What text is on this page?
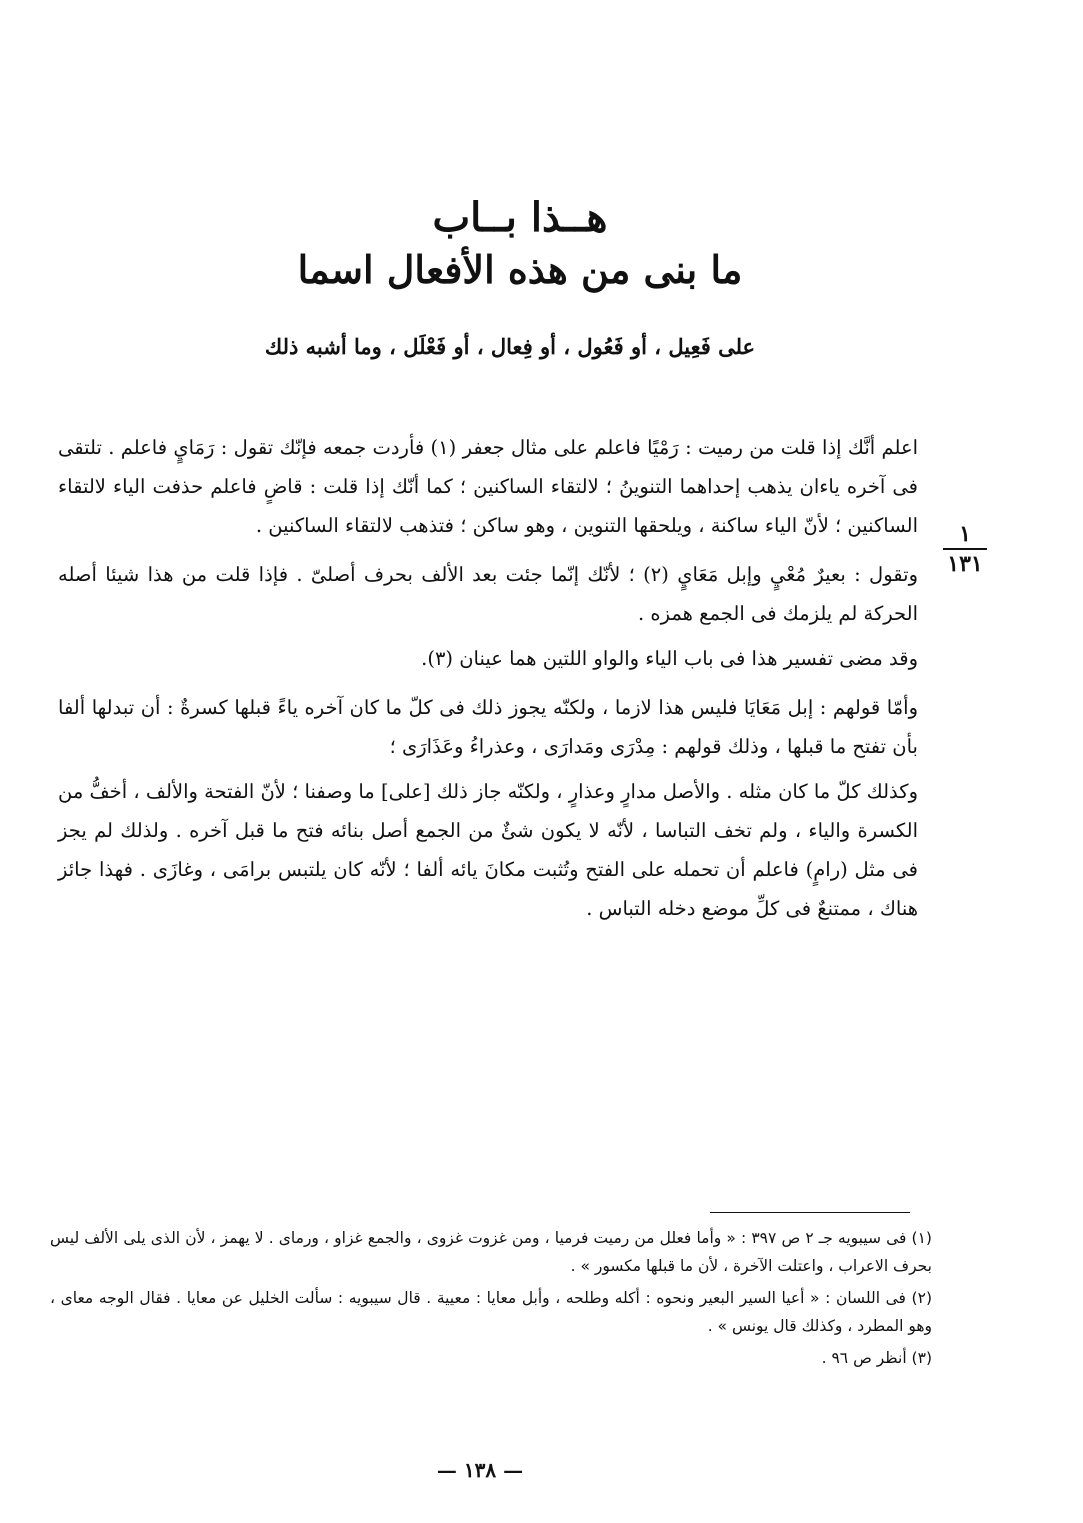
هــذا بــاب
ما بنى من هذه الأفعال اسما
على فَعِيل ، أو فَعُول ، أو فِعال ، أو فَعْلَل ، وما أشبه ذلك
١
١٣١

اعلم أنَّك إذا قلت من رميت : رَمْيًا فاعلم على مثال جعفر (١) فأردت جمعه فإنّك تقول : رَمَايٍ فاعلم . تلتقى فى آخره ياءان يذهب إحداهما التنوينُ ؛ لالتقاء الساكنين ؛ كما أنّك إذا قلت : قاضٍ فاعلم حذفت الياء لالتقاء الساكنين ؛ لأنّ الياء ساكنة ، ويلحقها التنوين ، وهو ساكن ؛ فتذهب لالتقاء الساكنين .

وتقول : بعيرٌ مُعْيٍ وإبل مَعَايٍ (٢) ؛ لأنّك إنّما جئت بعد الألف بحرف أصلىّ . فإذا قلت من هذا شيئا أصله الحركة لم يلزمك فى الجمع همزه .

وقد مضى تفسير هذا فى باب الياء والواو اللتين هما عينان (٣).

وأمّا قولهم : إبل مَعَايَا فليس هذا لازما ، ولكنّه يجوز ذلك فى كلّ ما كان آخره ياءً قبلها كسرةٌ : أن تبدلها ألفا بأن تفتح ما قبلها ، وذلك قولهم : مِدْرَى ومَدارَى ، وعذراءُ وعَذَارَى ؛

وكذلك كلّ ما كان مثله . والأصل مدارٍ وعذارٍ ، ولكنّه جاز ذلك [على] ما وصفنا ؛ لأنّ الفتحة والألف ، أخفُّ من الكسرة والياء ، ولم تخف التباسا ، لأنّه لا يكون شئٌ من الجمع أصل بنائه فتح ما قبل آخره . ولذلك لم يجز فى مثل (رامٍ) فاعلم أن تحمله على الفتح وتُثبت مكانَ يائه ألفا ؛ لأنّه كان يلتبس برامَى ، وغازَى . فهذا جائز هناك ، ممتنعٌ فى كلِّ موضع دخله التباس .

(١) فى سيبويه جـ ٢ ص ٣٩٧ : « وأما فعلل من رميت فرميا ، ومن غزوت غزوى ، والجمع غزاو ، ورماى . لا يهمز ، لأن الذى يلى الألف ليس بحرف الاعراب ، واعتلت الآخرة ، لأن ما قبلها مكسور » .

(٢) فى اللسان : « أعيا السير البعير ونحوه : أكله وطلحه ، وأبل معايا : معيية . قال سيبويه : سألت الخليل عن معايا . فقال الوجه معاى ، وهو المطرد ، وكذلك قال يونس » .

(٣) أنظر ص ٩٦ .

— ١٣٨ —
